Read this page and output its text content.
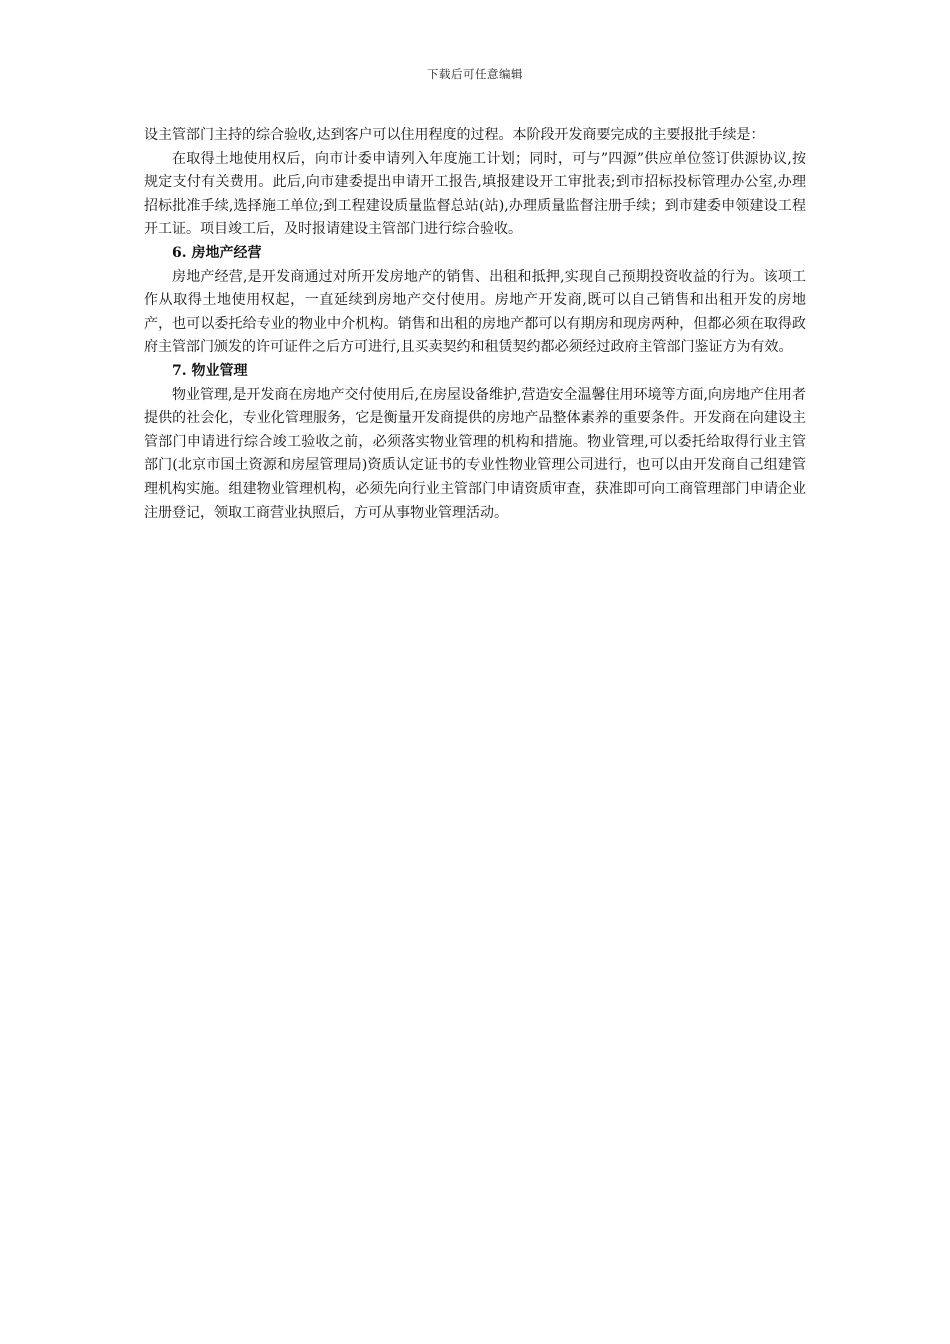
下载后可任意编辑

设主管部门主持的综合验收,达到客户可以住用程度的过程。本阶段开发商要完成的主要报批手续是：

在取得土地使用权后，向市计委申请列入年度施工计划；同时，可与”四源”供应单位签订供源协议,按规定支付有关费用。此后,向市建委提出申请开工报告,填报建设开工审批表;到市招标投标管理办公室,办理招标批准手续,选择施工单位;到工程建设质量监督总站(站),办理质量监督注册手续；到市建委申领建设工程开工证。项目竣工后，及时报请建设主管部门进行综合验收。

6. 房地产经营

房地产经营,是开发商通过对所开发房地产的销售、出租和抵押,实现自己预期投资收益的行为。该项工作从取得土地使用权起，一直延续到房地产交付使用。房地产开发商,既可以自己销售和出租开发的房地产，也可以委托给专业的物业中介机构。销售和出租的房地产都可以有期房和现房两种，但都必须在取得政府主管部门颁发的许可证件之后方可进行,且买卖契约和租赁契约都必须经过政府主管部门鉴证方为有效。

7. 物业管理

物业管理,是开发商在房地产交付使用后,在房屋设备维护,营造安全温馨住用环境等方面,向房地产住用者提供的社会化，专业化管理服务，它是衡量开发商提供的房地产品整体素养的重要条件。开发商在向建设主管部门申请进行综合竣工验收之前，必须落实物业管理的机构和措施。物业管理,可以委托给取得行业主管部门(北京市国土资源和房屋管理局)资质认定证书的专业性物业管理公司进行，也可以由开发商自己组建管理机构实施。组建物业管理机构，必须先向行业主管部门申请资质审查，获准即可向工商管理部门申请企业注册登记，领取工商营业执照后，方可从事物业管理活动。
